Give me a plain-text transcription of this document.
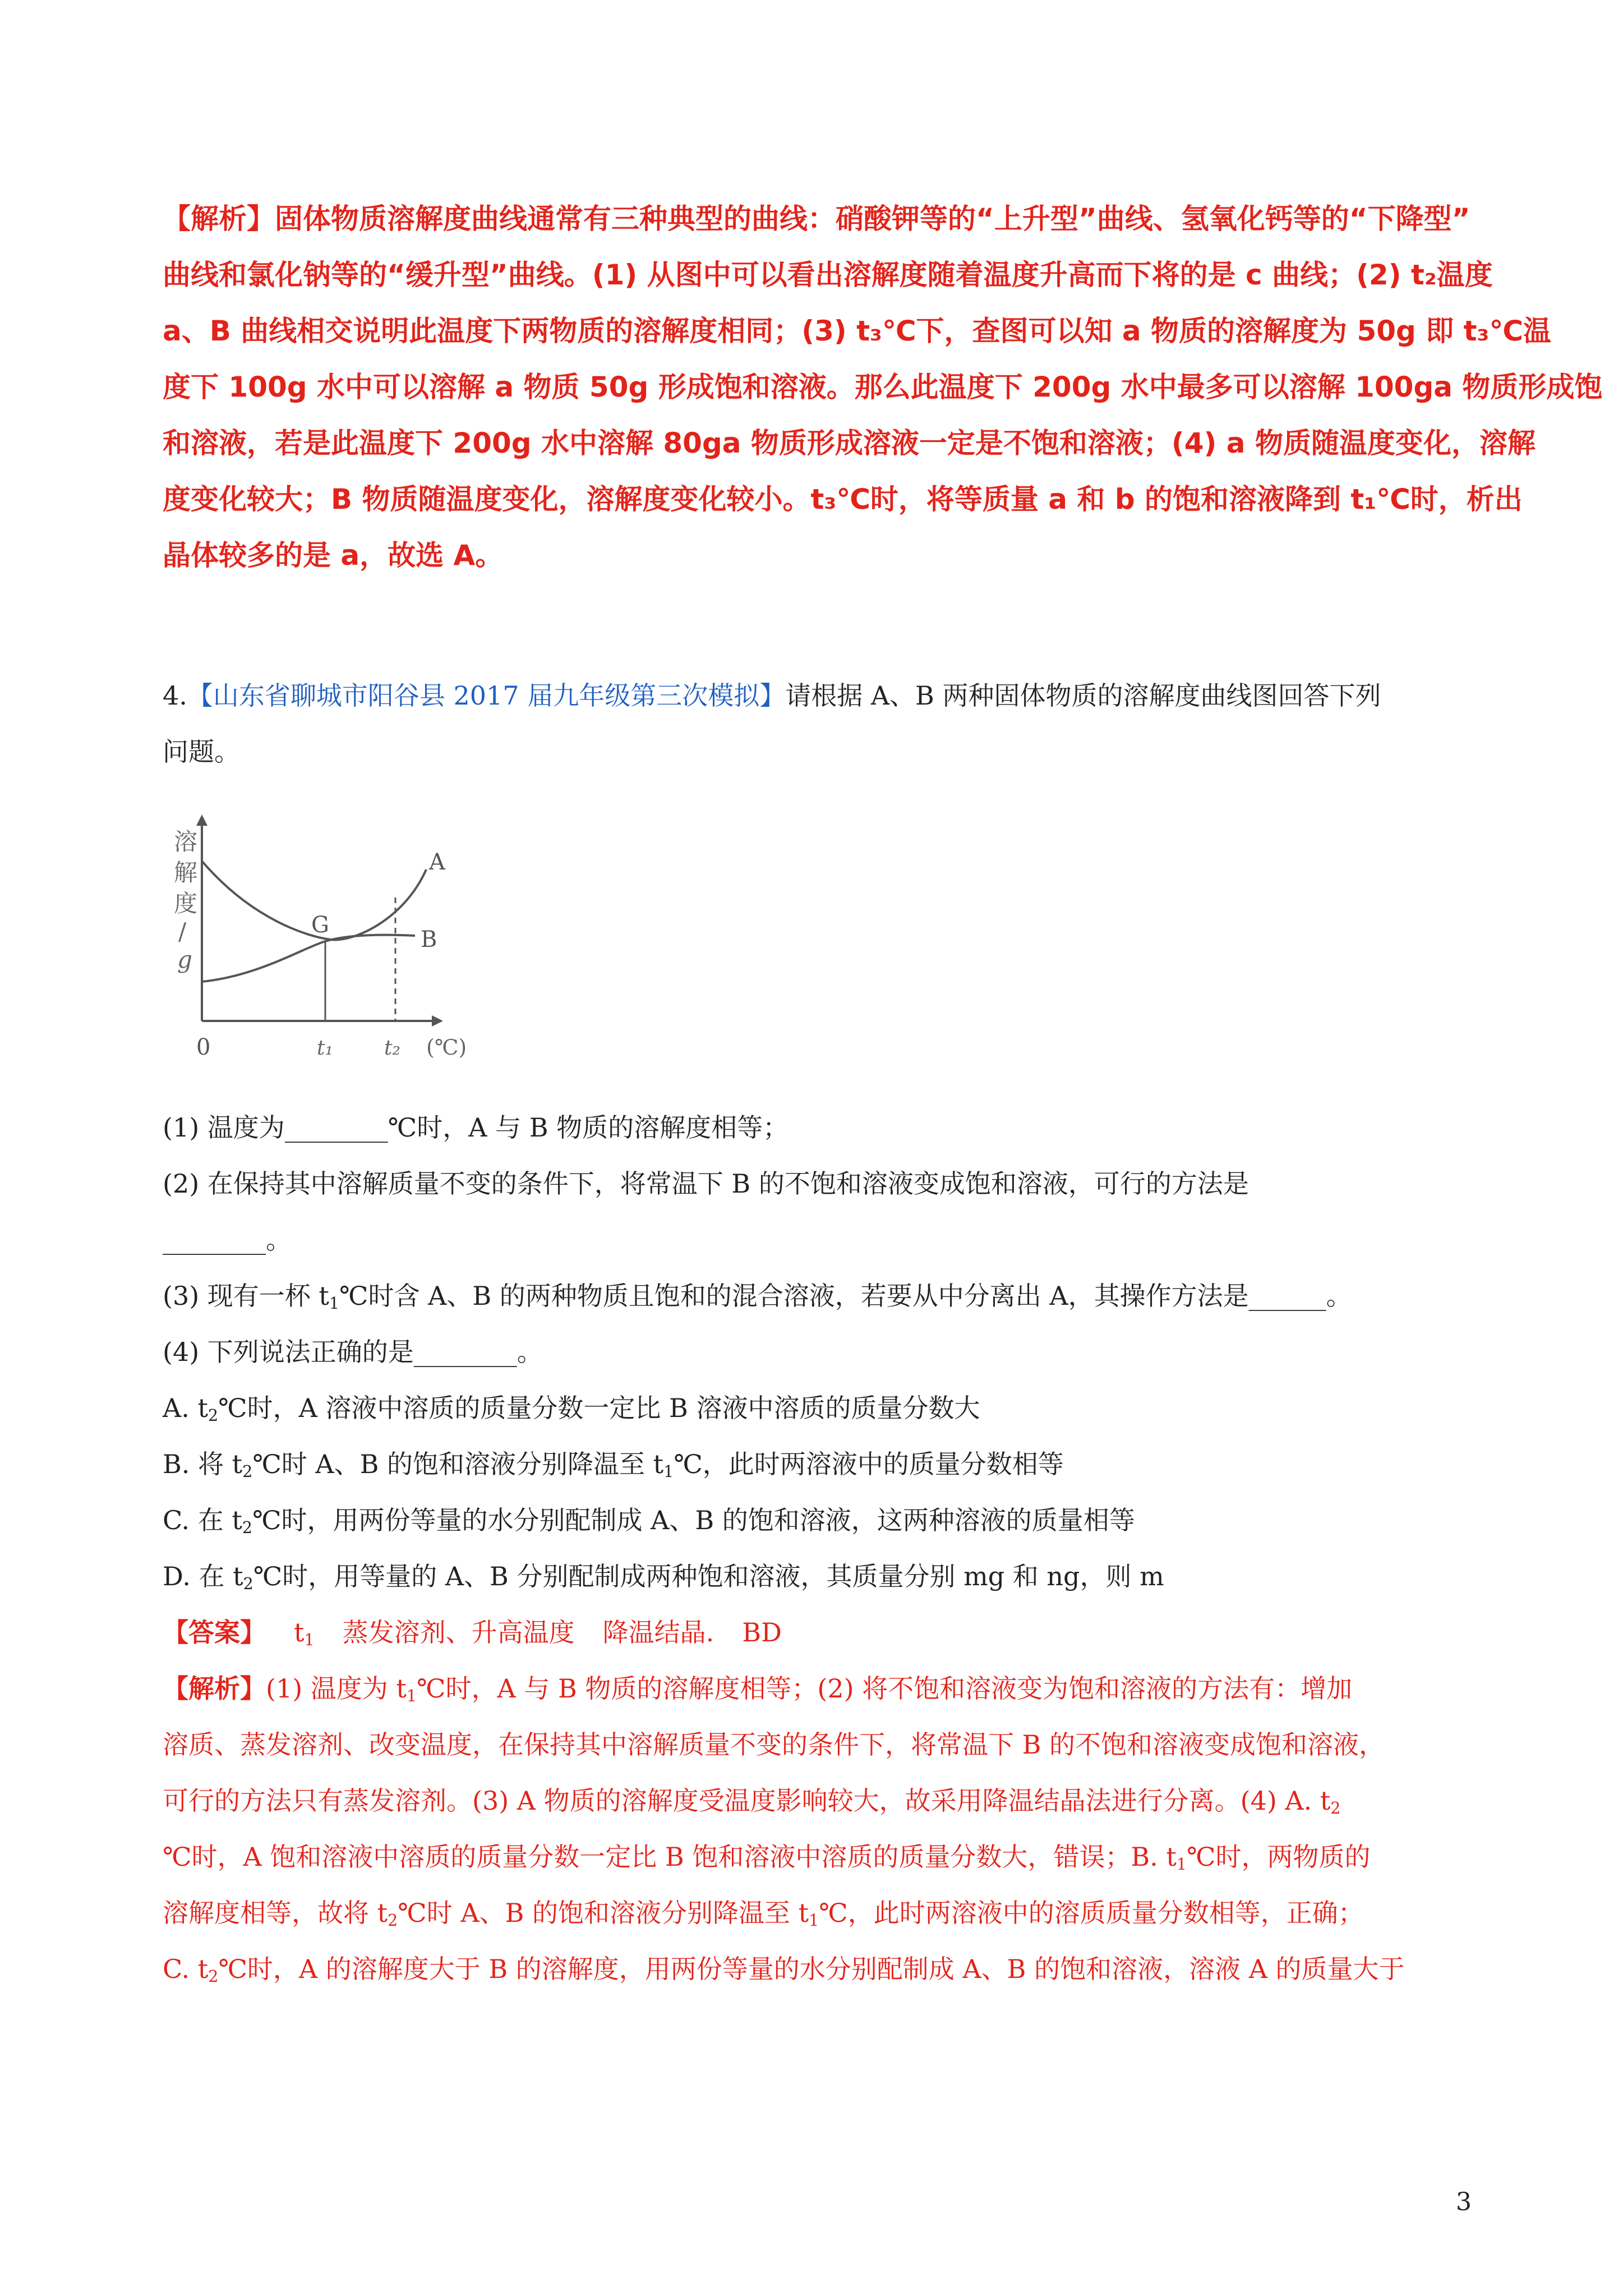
【解析】固体物质溶解度曲线通常有三种典型的曲线：硝酸钾等的“上升型”曲线、氢氧化钙等的“下降型”
曲线和氯化钠等的“缓升型”曲线。(1) 从图中可以看出溶解度随着温度升高而下将的是 c 曲线；(2) t₂温度
a、B 曲线相交说明此温度下两物质的溶解度相同；(3) t₃℃下，查图可以知 a 物质的溶解度为 50g 即 t₃℃温
度下 100g 水中可以溶解 a 物质 50g 形成饱和溶液。那么此温度下 200g 水中最多可以溶解 100ga 物质形成饱
和溶液，若是此温度下 200g 水中溶解 80ga 物质形成溶液一定是不饱和溶液；(4) a 物质随温度变化，溶解
度变化较大；B 物质随温度变化，溶解度变化较小。t₃℃时，将等质量 a 和 b 的饱和溶液降到 t₁℃时，析出
晶体较多的是 a，故选 A。
4.【山东省聊城市阳谷县 2017 届九年级第三次模拟】请根据 A、B 两种固体物质的溶解度曲线图回答下列
问题。
溶
解
度
/
g
A
B
G
0	t₁	t₂ (℃)
(1) 温度为________℃时，A 与 B 物质的溶解度相等；
(2) 在保持其中溶解质量不变的条件下，将常温下 B 的不饱和溶液变成饱和溶液，可行的方法是
________。
(3) 现有一杯 $t_1℃$时含 A、B 的两种物质且饱和的混合溶液，若要从中分离出 A，其操作方法是______。
(4) 下列说法正确的是________。
A. $t_2℃$时，A 溶液中溶质的质量分数一定比 B 溶液中溶质的质量分数大
B. 将 $t_2℃$时 A、B 的饱和溶液分别降温至 $t_1℃$，此时两溶液中的质量分数相等
C. 在 $t_2℃$时，用两份等量的水分别配制成 A、B 的饱和溶液，这两种溶液的质量相等
D. 在 $t_2℃$时，用等量的 A、B 分别配制成两种饱和溶液，其质量分别 mg 和 ng，则 m
【答案】 $t_1$ 蒸发溶剂、升高温度 降温结晶. BD
【解析】(1) 温度为 $t_1℃$时，A 与 B 物质的溶解度相等；(2) 将不饱和溶液变为饱和溶液的方法有：增加
溶质、蒸发溶剂、改变温度，在保持其中溶解质量不变的条件下，将常温下 B 的不饱和溶液变成饱和溶液，
可行的方法只有蒸发溶剂。(3) A 物质的溶解度受温度影响较大，故采用降温结晶法进行分离。(4) A. $t_2$
℃时，A 饱和溶液中溶质的质量分数一定比 B 饱和溶液中溶质的质量分数大，错误；B. $t_1℃$时，两物质的
溶解度相等，故将 $t_2℃$时 A、B 的饱和溶液分别降温至 $t_1℃$，此时两溶液中的溶质质量分数相等，正确；
C. $t_2℃$时，A 的溶解度大于 B 的溶解度，用两份等量的水分别配制成 A、B 的饱和溶液，溶液 A 的质量大于
3
